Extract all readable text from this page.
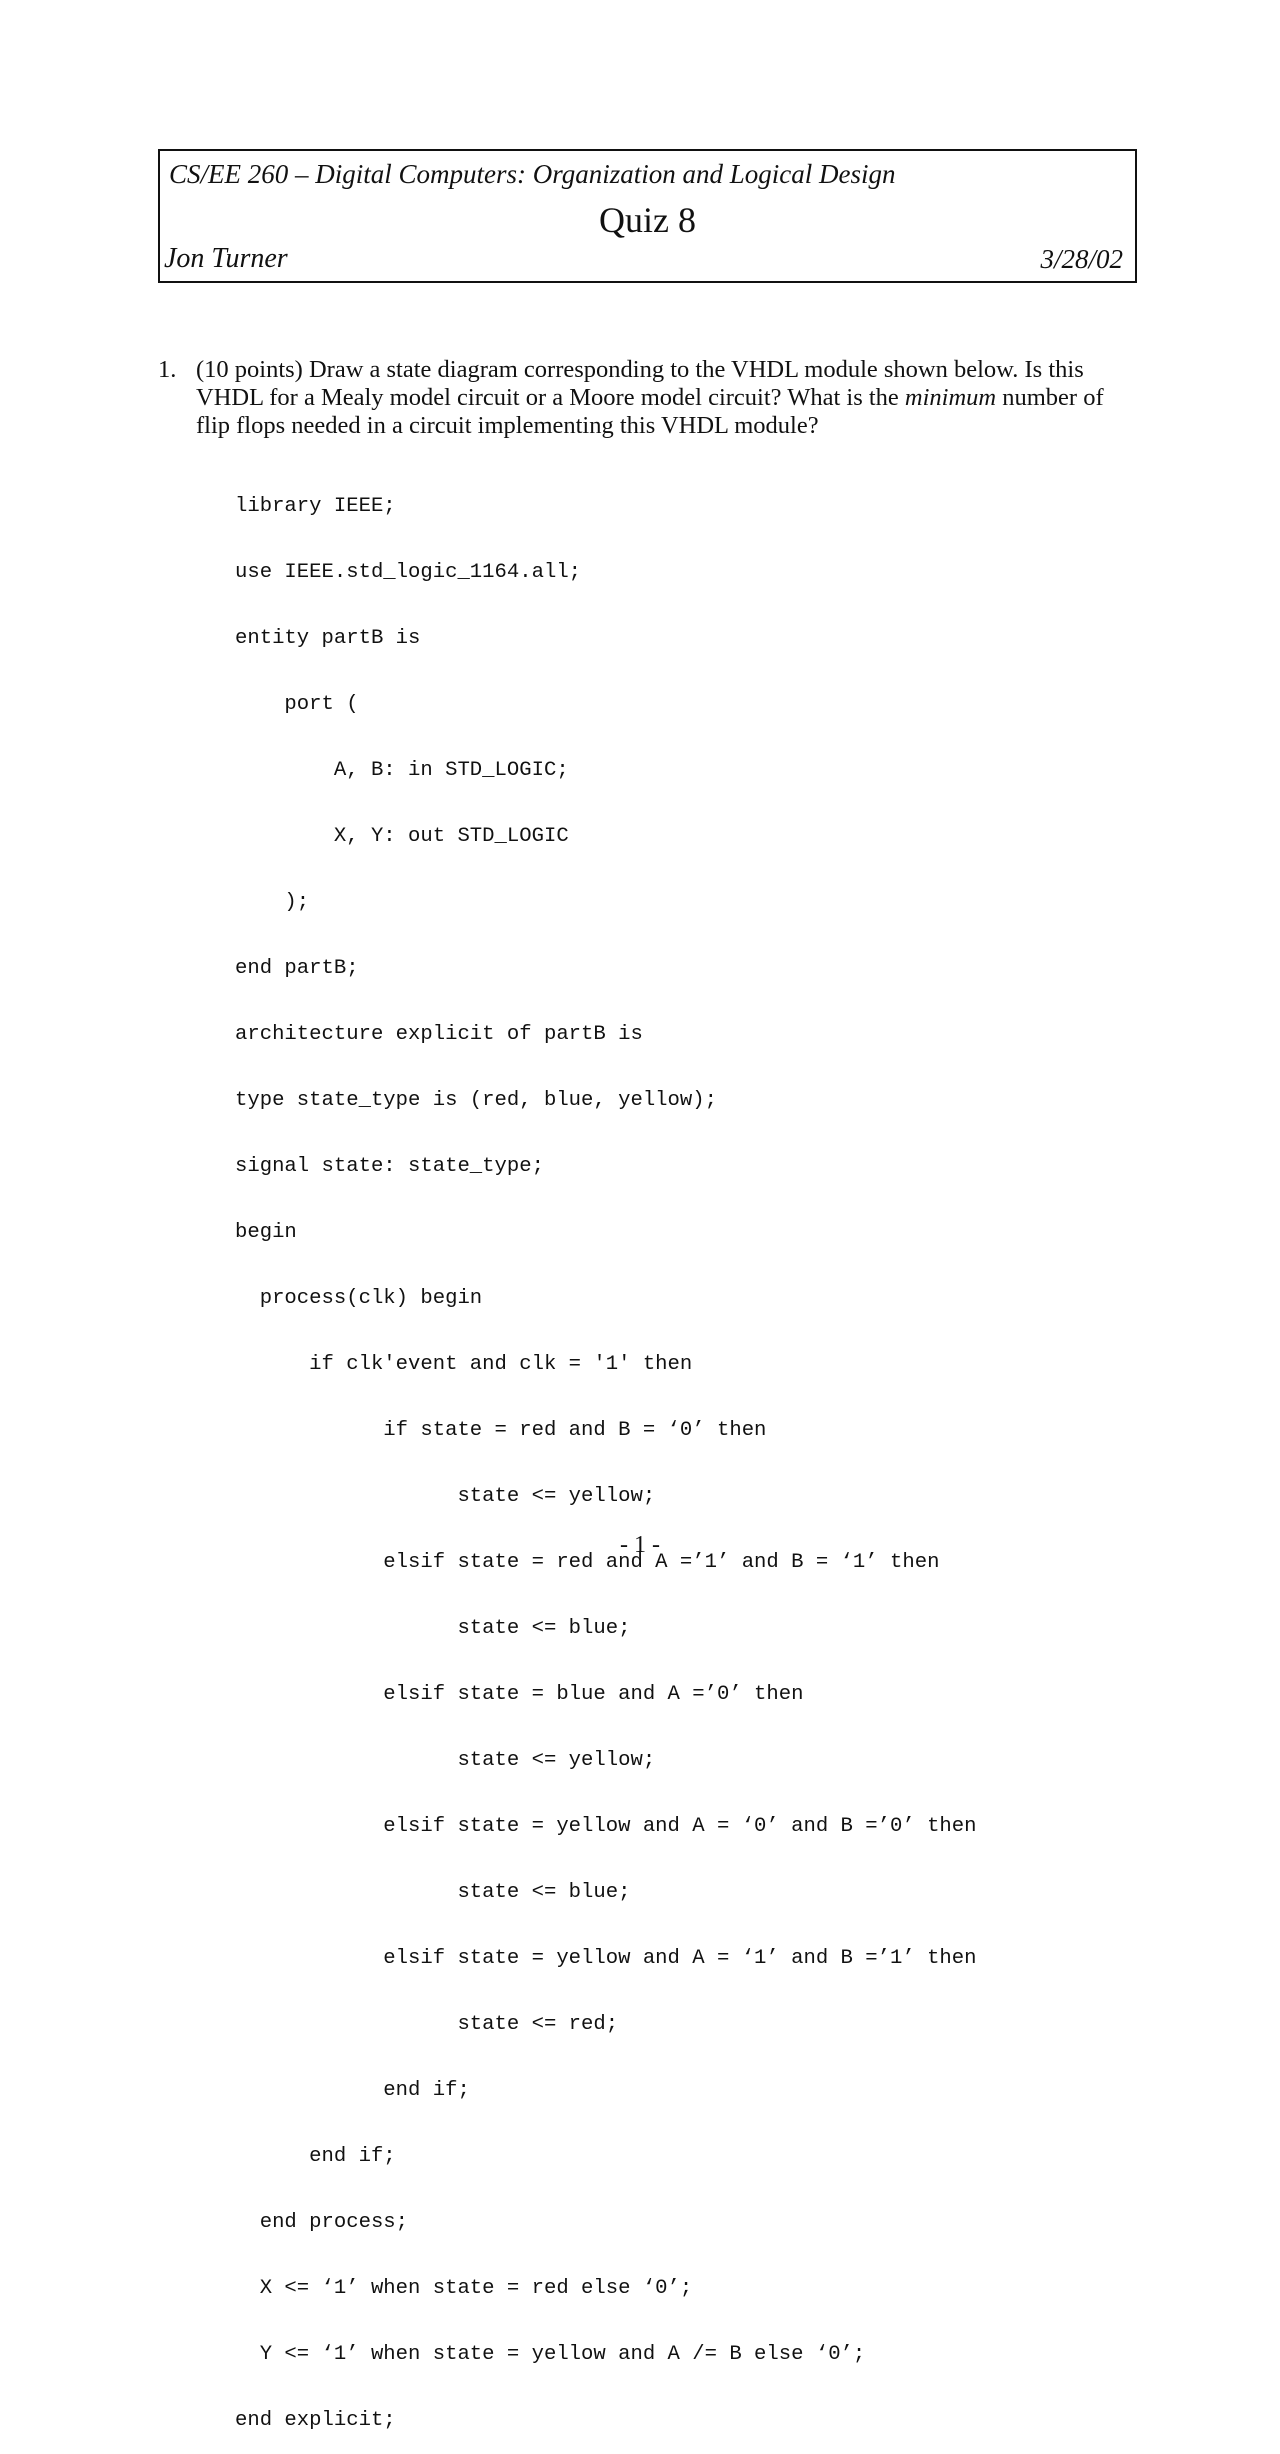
CS/EE 260 – Digital Computers: Organization and Logical Design
Quiz 8
Jon Turner	3/28/02
1. (10 points) Draw a state diagram corresponding to the VHDL module shown below. Is this VHDL for a Mealy model circuit or a Moore model circuit? What is the minimum number of flip flops needed in a circuit implementing this VHDL module?

library IEEE;

use IEEE.std_logic_1164.all;

entity partB is

port (

A, B: in STD_LOGIC;

X, Y: out STD_LOGIC

);

end partB;

architecture explicit of partB is

type state_type is (red, blue, yellow);

signal state: state_type;

begin

process(clk) begin

if clk'event and clk = '1' then

if state = red and B = ‘0’ then

state <= yellow;

elsif state = red and A =’1’ and B = ‘1’ then

state <= blue;

elsif state = blue and A =’0’ then

state <= yellow;

elsif state = yellow and A = ‘0’ and B =’0’ then

state <= blue;

elsif state = yellow and A = ‘1’ and B =’1’ then

state <= red;

end if;

end if;

end process;

X <= ‘1’ when state = red else ‘0’;

Y <= ‘1’ when state = yellow and A /= B else ‘0’;

end explicit;

- 1 -
